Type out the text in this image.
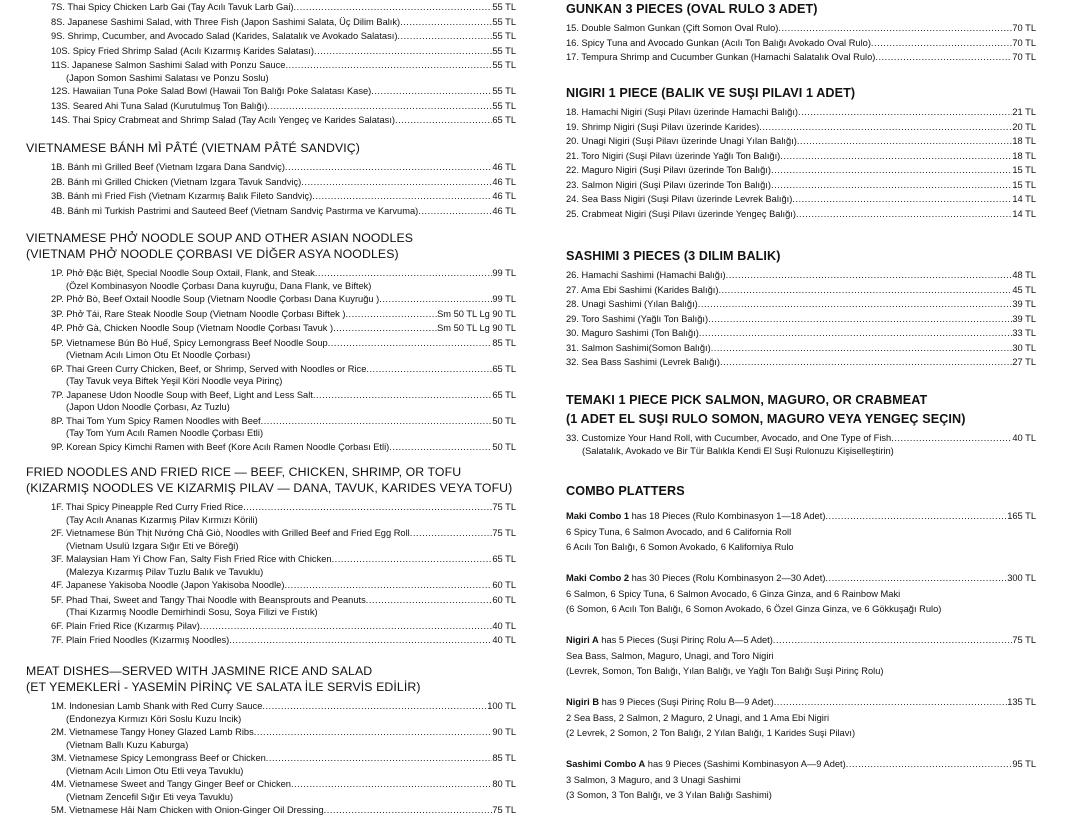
7S. Thai Spicy Chicken Larb Gai (Tay Acılı Tavuk Larb Gai) .....	55 TL
8S. Japanese Sashimi Salad, with Three Fish (Japon Sashimi Salata, Üç Dilim Balık) .....	55 TL
9S. Shrimp, Cucumber, and Avocado Salad (Karides, Salatalık ve Avokado Salatası) .....	55 TL
10S. Spicy Fried Shrimp Salad (Acılı Kızarmış Karides Salatası) .....	55 TL
11S. Japanese Salmon Sashimi Salad with Ponzu Sauce .....	55 TL
(Japon Somon Sashimi Salatası ve Ponzu Soslu)
12S. Hawaiian Tuna Poke Salad Bowl (Hawaii Ton Balığı Poke Salatası Kase) .....	55 TL
13S. Seared Ahi Tuna Salad (Kurutulmuş Ton Balığı) .....	55 TL
14S. Thai Spicy Crabmeat and Shrimp Salad (Tay Acılı Yengeç ve Karides Salatası) .....	65 TL
VIETNAMESE BÁNH MÌ PÂTÉ (VIETNAM PÂTÉ SANDVIÇ)
1B. Bánh mì Grilled Beef (Vietnam Izgara Dana Sandviç) .....	46 TL
2B. Bánh mì Grilled Chicken (Vietnam Izgara Tavuk Sandviç) .....	46 TL
3B. Bánh mì Fried Fish (Vietnam Kızarmış Balık Fileto Sandviç) .....	46 TL
4B. Bánh mì Turkish Pastrimi and Sauteed Beef (Vietnam Sandviç Pastırma ve Karvuma) .....	46 TL
VIETNAMESE PHỞ NOODLE SOUP AND OTHER ASIAN NOODLES
(VIETNAM PHỞ NOODLE ÇORBASI VE DİĞER ASYA NOODLES)
1P. Phở Đặc Biệt, Special Noodle Soup Oxtail, Flank, and Steak .....	99 TL
(Özel Kombinasyon Noodle Çorbası Dana kuyruğu, Dana Flank, ve Biftek)
2P. Phở Bò, Beef Oxtail Noodle Soup (Vietnam Noodle Çorbası Dana Kuyruğu ) .....	99 TL
3P. Phở Tái, Rare Steak Noodle Soup (Vietnam Noodle Çorbası Biftek ) .....	Sm 50 TL Lg 90 TL
4P. Phở Gà, Chicken Noodle Soup (Vietnam Noodle Çorbası Tavuk ) .....	Sm 50 TL Lg 90 TL
5P. Vietnamese Bún Bò Huế, Spicy Lemongrass Beef Noodle Soup .....	85 TL
(Vietnam Acılı Limon Otu Et Noodle Çorbası)
6P. Thai Green Curry Chicken, Beef, or Shrimp, Served with Noodles or Rice .....	65 TL
(Tay Tavuk veya Biftek Yeşil Köri Noodle veya Pirinç)
7P. Japanese Udon Noodle Soup with Beef, Light and Less Salt .....	65 TL
(Japon Udon Noodle Çorbası, Az Tuzlu)
8P. Thai Tom Yum Spicy Ramen Noodles with Beef .....	50 TL
(Tay Tom Yum Acılı Ramen Noodle Çorbası Etli)
9P. Korean Spicy Kimchi Ramen with Beef (Kore Acılı Ramen Noodle Çorbası Etli) .....	50 TL
FRIED NOODLES AND FRIED RICE — BEEF, CHICKEN, SHRIMP, OR TOFU
(KIZARMIŞ NOODLES VE KIZARMIŞ PILAV — DANA, TAVUK, KARIDES VEYA TOFU)
1F. Thai Spicy Pineapple Red Curry Fried Rice .....	75 TL
(Tay Acılı Ananas Kızarmış Pilav Kırmızı Körili)
2F. Vietnamese Bún Thịt Nướng Chả Giò, Noodles with Grilled Beef and Fried Egg Roll .....	75 TL
(Vietnam Usulü Izgara Sığır Eti ve Böreği)
3F. Malaysian Ham Yi Chow Fan, Salty Fish Fried Rice with Chicken .....	65 TL
(Malezya Kızarmış Pilav Tuzlu Balık ve Tavuklu)
4F. Japanese Yakisoba Noodle (Japon Yakisoba Noodle) .....	60 TL
5F. Phad Thai, Sweet and Tangy Thai Noodle with Beansprouts and Peanuts .....	60 TL
(Thai Kızarmış Noodle Demirhindi Sosu, Soya Filizi ve Fıstık)
6F. Plain Fried Rice (Kızarmış Pilav) .....	40 TL
7F. Plain Fried Noodles (Kızarmış Noodles) .....	40 TL
MEAT DISHES—SERVED WITH JASMINE RICE AND SALAD
(ET YEMEKLERİ - YASEMİN PİRİNÇ VE SALATA İLE SERVİS EDİLİR)
1M. Indonesian Lamb Shank with Red Curry Sauce .....	100 TL
(Endonezya Kırmızı Köri Soslu Kuzu Incik)
2M. Vietnamese Tangy Honey Glazed Lamb Ribs .....	90 TL
(Vietnam Ballı Kuzu Kaburga)
3M. Vietnamese Spicy Lemongrass Beef or Chicken .....	85 TL
(Vietnam Acılı Limon Otu Etli veya Tavuklu)
4M. Vietnamese Sweet and Tangy Ginger Beef or Chicken .....	80 TL
(Vietnam Zencefil Sığır Eti veya Tavuklu)
5M. Vietnamese Hải Nam Chicken with Onion-Ginger Oil Dressing .....	75 TL
GUNKAN 3 PIECES (OVAL RULO 3 ADET)
15. Double Salmon Gunkan (Çift Somon Oval Rulo) .....	70 TL
16. Spicy Tuna and Avocado Gunkan (Acılı Ton Balığı Avokado Oval Rulo) .....	70 TL
17. Tempura Shrimp and Cucumber Gunkan (Hamachi Salatalık Oval Rulo) .....	70 TL
NIGIRI 1 PIECE (BALIK VE SUŞI PILAVI 1 ADET)
18. Hamachi Nigiri (Suşi Pilavı üzerinde Hamachi Balığı) .....	21 TL
19. Shrimp Nigiri (Suşi Pilavı üzerinde Karides) .....	20 TL
20. Unagi Nigiri (Suşi Pilavı üzerinde Unagi Yılan Balığı) .....	18 TL
21. Toro Nigiri (Suşi Pilavı üzerinde Yağlı Ton Balığı) .....	18 TL
22. Maguro Nigiri (Suşi Pilavı üzerinde Ton Balığı) .....	15 TL
23. Salmon Nigiri (Suşi Pilavı üzerinde Ton Balığı) .....	15 TL
24. Sea Bass Nigiri (Suşi Pilavı üzerinde Levrek Balığı) .....	14 TL
25. Crabmeat Nigiri (Suşi Pilavı üzerinde Yengeç Balığı) .....	14 TL
SASHIMI 3 PIECES (3 DILIM BALIK)
26. Hamachi Sashimi (Hamachi Balığı) .....	48 TL
27. Ama Ebi Sashimi (Karides Balığı) .....	45 TL
28. Unagi Sashimi (Yılan Balığı) .....	39 TL
29. Toro Sashimi (Yağlı Ton Balığı) .....	39 TL
30. Maguro Sashimi (Ton Balığı) .....	33 TL
31. Salmon Sashimi(Somon Balığı) .....	30 TL
32. Sea Bass Sashimi (Levrek Balığı) .....	27 TL
TEMAKI 1 PIECE PICK SALMON, MAGURO, OR CRABMEAT
(1 ADET EL SUŞI RULO SOMON, MAGURO VEYA YENGEÇ SEÇIN)
33. Customize Your Hand Roll, with Cucumber, Avocado, and One Type of Fish .....	40 TL
(Salatalık, Avokado ve Bir Tür Balıkla Kendi El Suşi Rulonuzu Kişiselleştirin)
COMBO PLATTERS
Maki Combo 1 has 18 Pieces (Rulo Kombinasyon 1—18 Adet) .....	165 TL
6 Spicy Tuna, 6 Salmon Avocado, and 6 California Roll
6 Acılı Ton Balığı, 6 Somon Avokado, 6 Kaliforniya Rulo
Maki Combo 2 has 30 Pieces (Rolu Kombinasyon 2—30 Adet) .....	300 TL
6 Salmon, 6 Spicy Tuna, 6 Salmon Avocado, 6 Ginza Ginza, and 6 Rainbow Maki
(6 Somon, 6 Acılı Ton Balığı, 6 Somon Avokado, 6 Özel Ginza Ginza, ve 6 Gökkuşağı Rulo)
Nigiri A has 5 Pieces (Suşi Pirinç Rolu A—5 Adet) .....	75 TL
Sea Bass, Salmon, Maguro, Unagi, and Toro Nigiri
(Levrek, Somon, Ton Balığı, Yılan Balığı, ve Yağlı Ton Balığı Suşi Pirinç Rolu)
Nigiri B has 9 Pieces (Suşi Pirinç Rolu B—9 Adet) .....	135 TL
2 Sea Bass, 2 Salmon, 2 Maguro, 2 Unagi, and 1 Ama Ebi Nigiri
(2 Levrek, 2 Somon, 2 Ton Balığı, 2 Yılan Balığı, 1 Karides Suşi Pilavı)
Sashimi Combo A has 9 Pieces (Sashimi Kombinasyon A—9 Adet) .....	95 TL
3 Salmon, 3 Maguro, and 3 Unagi Sashimi
(3 Somon, 3 Ton Balığı, ve 3 Yılan Balığı Sashimi)
